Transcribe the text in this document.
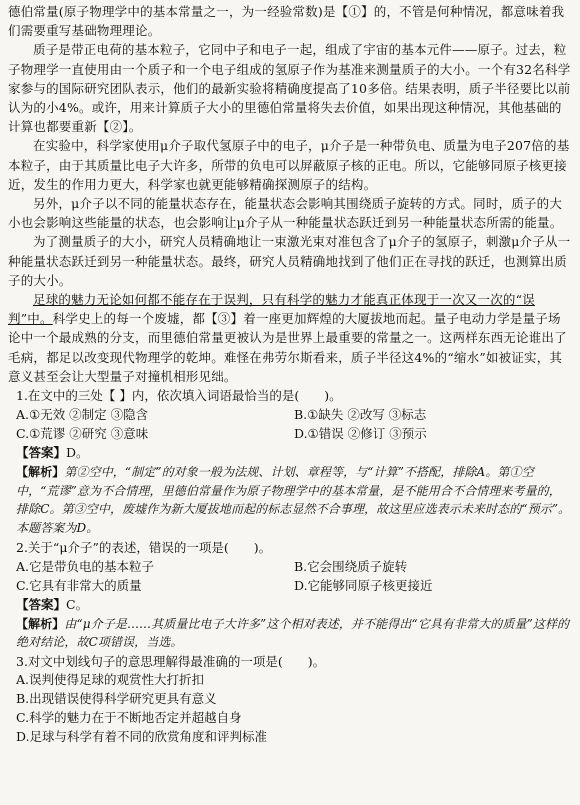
德伯常量(原子物理学中的基本常量之一，为一经验常数)是【①】的，不管是何种情况，都意味着我们需要重写基础物理理论。

质子是带正电荷的基本粒子，它同中子和电子一起，组成了宇宙的基本元件——原子。过去，粒子物理学一直使用由一个质子和一个电子组成的氢原子作为基准来测量质子的大小。一个有32名科学家参与的国际研究团队表示，他们的最新实验将精确度提高了10多倍。结果表明，质子半径要比以前认为的小4%。或许，用来计算质子大小的里德伯常量将失去价值，如果出现这种情况，其他基础的计算也都要重新【②】。

在实验中，科学家使用μ介子取代氢原子中的电子，μ介子是一种带负电、质量为电子207倍的基本粒子，由于其质量比电子大许多，所带的负电可以屏蔽原子核的正电。所以，它能够同原子核更接近，发生的作用力更大，科学家也就更能够精确探测原子的结构。

另外，μ介子以不同的能量状态存在，能量状态会影响其围绕质子旋转的方式。同时，质子的大小也会影响这些能量的状态，也会影响让μ介子从一种能量状态跃迁到另一种能量状态所需的能量。

为了测量质子的大小，研究人员精确地让一束激光束对准包含了μ介子的氢原子，刺激μ介子从一种能量状态跃迁到另一种能量状态。最终，研究人员精确地找到了他们正在寻找的跃迁，也测算出质子的大小。

足球的魅力无论如何都不能存在于误判，只有科学的魅力才能真正体现于一次又一次的“误判”中。科学史上的每一个废墟，都【③】着一座更加辉煌的大厦拔地而起。量子电动力学是量子场论中一个最成熟的分支，而里德伯常量更被认为是世界上最重要的常量之一。这两样东西无论谁出了毛病，都足以改变现代物理学的乾坤。难怪在弗劳尔斯看来，质子半径这4%的“缩水”如被证实，其意义甚至会让大型量子对撞机相形见绌。

1.在文中的三处【 】内，依次填入词语最恰当的是(　　)。

A.①无效 ②制定 ③隐含	B.①缺失 ②改写 ③标志
C.①荒谬 ②研究 ③意味	D.①错误 ②修订 ③预示

【答案】D。

【解析】第②空中，“制定”的对象一般为法规、计划、章程等，与“计算”不搭配，排除A。第①空中，“荒谬”意为不合情理，里德伯常量作为原子物理学中的基本常量，是不能用合不合情理来考量的，排除C。第③空中，废墟作为新大厦拔地而起的标志显然不合事理，故这里应选表示未来时态的“预示”。本题答案为D。

2.关于“μ介子”的表述，错误的一项是(　　)。

A.它是带负电的基本粒子	B.它会围绕质子旋转
C.它具有非常大的质量	D.它能够同原子核更接近

【答案】C。

【解析】由“μ介子是……其质量比电子大许多”这个相对表述，并不能得出“它具有非常大的质量”这样的绝对结论，故C项错误，当选。

3.对文中划线句子的意思理解得最准确的一项是(　　)。

A.误判使得足球的观赏性大打折扣

B.出现错误使得科学研究更具有意义

C.科学的魅力在于不断地否定并超越自身

D.足球与科学有着不同的欣赏角度和评判标准
